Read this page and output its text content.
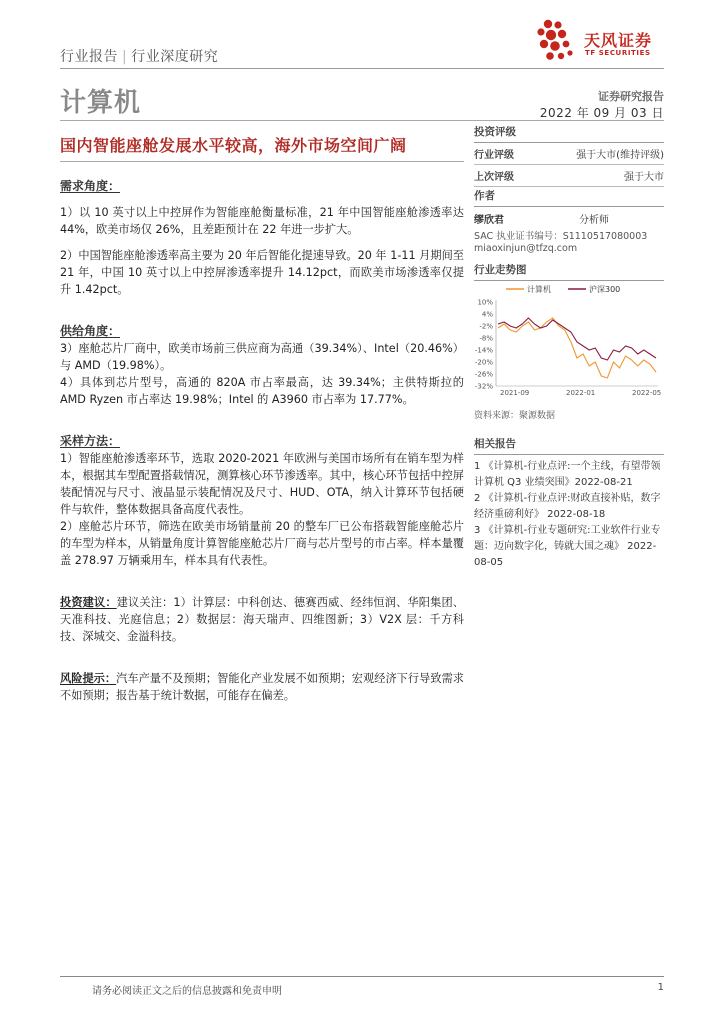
行业报告 | 行业深度研究
天风证券
TF SECURITIES
计算机	证券研究报告
2022 年 09 月 03 日
国内智能座舱发展水平较高，海外市场空间广阔
需求角度：

1）以 10 英寸以上中控屏作为智能座舱衡量标准，21 年中国智能座舱渗透率达 44%，欧美市场仅 26%，且差距预计在 22 年进一步扩大。

2）中国智能座舱渗透率高主要为 20 年后智能化提速导致。20 年 1-11 月期间至 21 年，中国 10 英寸以上中控屏渗透率提升 14.12pct，而欧美市场渗透率仅提升 1.42pct。

供给角度：

3）座舱芯片厂商中，欧美市场前三供应商为高通（39.34%）、Intel（20.46%）与 AMD（19.98%）。

4）具体到芯片型号，高通的 820A 市占率最高，达 39.34%；主供特斯拉的 AMD Ryzen 市占率达 19.98%；Intel 的 A3960 市占率为 17.77%。

采样方法：

1）智能座舱渗透率环节，选取 2020-2021 年欧洲与美国市场所有在销车型为样本，根据其车型配置搭载情况，测算核心环节渗透率。其中，核心环节包括中控屏装配情况与尺寸、液晶显示装配情况及尺寸、HUD、OTA，纳入计算环节包括硬件与软件，整体数据具备高度代表性。

2）座舱芯片环节，筛选在欧美市场销量前 20 的整车厂已公布搭载智能座舱芯片的车型为样本，从销量角度计算智能座舱芯片厂商与芯片型号的市占率。样本量覆盖 278.97 万辆乘用车，样本具有代表性。

投资建议：建议关注：1）计算层：中科创达、德赛西威、经纬恒润、华阳集团、天准科技、光庭信息；2）数据层：海天瑞声、四维图新；3）V2X 层：千方科技、深城交、金溢科技。

风险提示：汽车产量不及预期；智能化产业发展不如预期；宏观经济下行导致需求不如预期；报告基于统计数据，可能存在偏差。

投资评级
行业评级	强于大市(维持评级)
上次评级	强于大市
作者
缪欣君	分析师
SAC 执业证书编号：S1110517080003
miaoxinjun@tfzq.com
行业走势图
计算机	沪深300
10%
4%
-2%
-8%
-14%
-20%
-26%
-32%
2021-09	2022-01	2022-05
资料来源：聚源数据
相关报告
1 《计算机-行业点评:一个主线，有望带领计算机 Q3 业绩突围》2022-08-21
2 《计算机-行业点评:财政直接补贴，数字经济重磅利好》 2022-08-18
3 《计算机-行业专题研究:工业软件行业专题：迈向数字化，铸就大国之魂》 2022-08-05
请务必阅读正文之后的信息披露和免责申明	1
